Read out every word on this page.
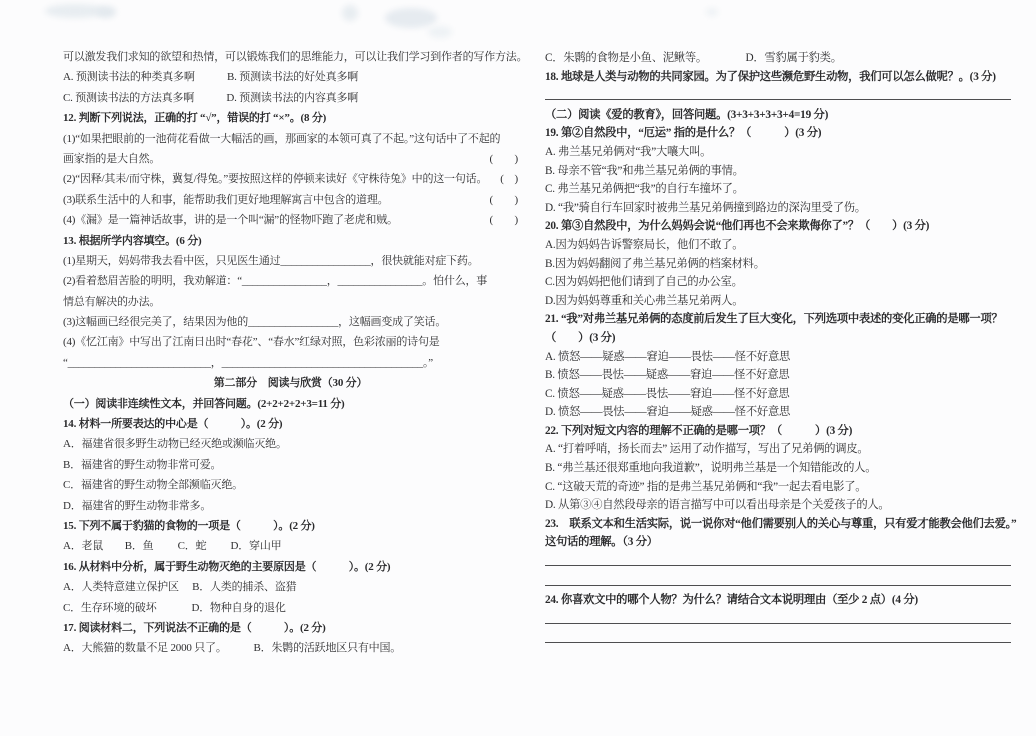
可以激发我们求知的欲望和热情，可以锻炼我们的思维能力，可以让我们学习到作者的写作方法。
A. 预测读书法的种类真多啊　　　B. 预测读书法的好处真多啊
C. 预测读书法的方法真多啊　　　D. 预测读书法的内容真多啊
12. 判断下列说法，正确的打 “√”，错误的打 “×”。(8 分)
(1)“如果把眼前的一池荷花看做一大幅活的画，那画家的本领可真了不起。”这句话中了不起的
画家指的是大自然。	(　　)
(2)“因释/其耒/而守株，冀复/得兔。”要按照这样的停顿来读好《守株待兔》中的这一句话。 (　)
(3)联系生活中的人和事，能帮助我们更好地理解寓言中包含的道理。	(　　)
(4)《漏》是一篇神话故事，讲的是一个叫“漏”的怪物吓跑了老虎和贼。	(　　)
13. 根据所学内容填空。(6 分)
(1)星期天，妈妈带我去看中医，只见医生通过_________________，很快就能对症下药。
(2)看着愁眉苦脸的明明，我劝解道：“________________，________________。怕什么，事
情总有解决的办法。
(3)这幅画已经很完美了，结果因为他的_________________，这幅画变成了笑话。
(4)《忆江南》中写出了江南日出时“春花”、“春水”红绿对照，色彩浓丽的诗句是
“___________________________，______________________________________。”
第二部分　阅读与欣赏（30 分）
（一）阅读非连续性文本，并回答问题。(2+2+2+2+3=11 分)
14. 材料一所要表达的中心是（　　　）。(2 分)
A．福建省很多野生动物已经灭绝或濒临灭绝。
B．福建省的野生动物非常可爱。
C．福建省的野生动物全部濒临灭绝。
D．福建省的野生动物非常多。
15. 下列不属于豹猫的食物的一项是（　　　）。(2 分)
A．老鼠　　B．鱼　　 C．蛇　　 D．穿山甲
16. 从材料中分析，属于野生动物灭绝的主要原因是（　　　）。(2 分)
A．人类特意建立保护区　 B．人类的捕杀、盗猎
C．生存环境的破坏　　　 D．物种自身的退化
17. 阅读材料二，下列说法不正确的是（　　　）。(2 分)
A．大熊猫的数量不足 2000 只了。　　　B．朱鹮的活跃地区只有中国。
C．朱鹮的食物是小鱼、泥鳅等。　　　　D．雪豹属于豹类。
18. 地球是人类与动物的共同家园。为了保护这些濒危野生动物，我们可以怎么做呢？。(3 分)
（二）阅读《爱的教育》，回答问题。(3+3+3+3+3+4=19 分)
19. 第②自然段中，“厄运” 指的是什么？（　　　）(3 分)
A. 弗兰基兄弟俩对“我”大嚷大叫。
B. 母亲不管“我”和弗兰基兄弟俩的事情。
C. 弗兰基兄弟俩把“我”的自行车撞坏了。
D. “我”骑自行车回家时被弗兰基兄弟俩撞到路边的深沟里受了伤。
20. 第③自然段中，为什么妈妈会说“他们再也不会来欺侮你了”？（　　）(3 分)
A.因为妈妈告诉警察局长，他们不敢了。
B.因为妈妈翻阅了弗兰基兄弟俩的档案材料。
C.因为妈妈把他们请到了自己的办公室。
D.因为妈妈尊重和关心弗兰基兄弟两人。
21. “我”对弗兰基兄弟俩的态度前后发生了巨大变化，下列选项中表述的变化正确的是哪一项？
（　　）(3 分)
A. 愤怒——疑惑——窘迫——畏怯——怪不好意思
B. 愤怒——畏怯——疑惑——窘迫——怪不好意思
C. 愤怒——疑惑——畏怯——窘迫——怪不好意思
D. 愤怒——畏怯——窘迫——疑惑——怪不好意思
22. 下列对短文内容的理解不正确的是哪一项？（　　　）(3 分)
A. “打着呼哨，扬长而去” 运用了动作描写，写出了兄弟俩的调皮。
B. “弗兰基还很郑重地向我道歉”，说明弗兰基是一个知错能改的人。
C. “这破天荒的奇迹” 指的是弗兰基兄弟俩和“我”一起去看电影了。
D. 从第③④自然段母亲的语言描写中可以看出母亲是个关爱孩子的人。
23.　联系文本和生活实际，说一说你对“他们需要别人的关心与尊重，只有爱才能教会他们去爱。”
这句话的理解。（3 分）
24. 你喜欢文中的哪个人物？为什么？请结合文本说明理由（至少 2 点）(4 分)
